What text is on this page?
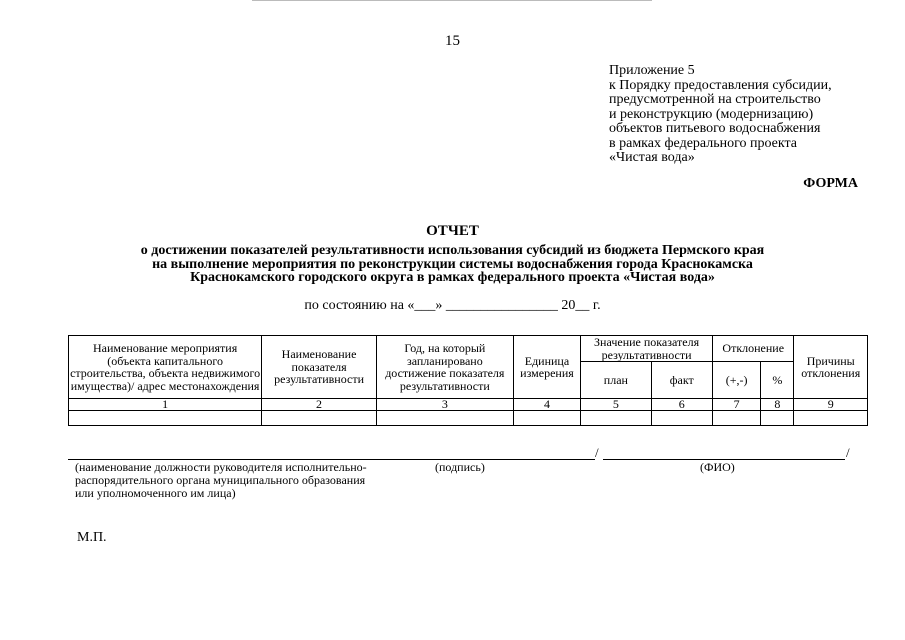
15
Приложение 5
к Порядку предоставления субсидии,
предусмотренной на строительство
и реконструкцию (модернизацию)
объектов питьевого водоснабжения
в рамках федерального проекта
«Чистая вода»
ФОРМА
ОТЧЕТ
о достижении показателей результативности использования субсидий из бюджета Пермского края
на выполнение мероприятия по реконструкции системы водоснабжения города Краснокамска
Краснокамского городского округа в рамках федерального проекта «Чистая вода»
по состоянию на «___» ________________ 20__ г.
Наименование мероприятия (объекта капитального строительства, объекта недвижимого имущества)/ адрес местонахождения	Наименование показателя результативности	Год, на который запланировано достижение показателя результативности	Единица измерения	Значение показателя результативности		Отклонение		Причины отклонения
				план	факт	(+,-)	%	
1	2	3	4	5	6	7	8	9

/	/
(наименование должности руководителя исполнительно-распорядительного органа муниципального образования или уполномоченного им лица)
(подпись)	(ФИО)
М.П.
